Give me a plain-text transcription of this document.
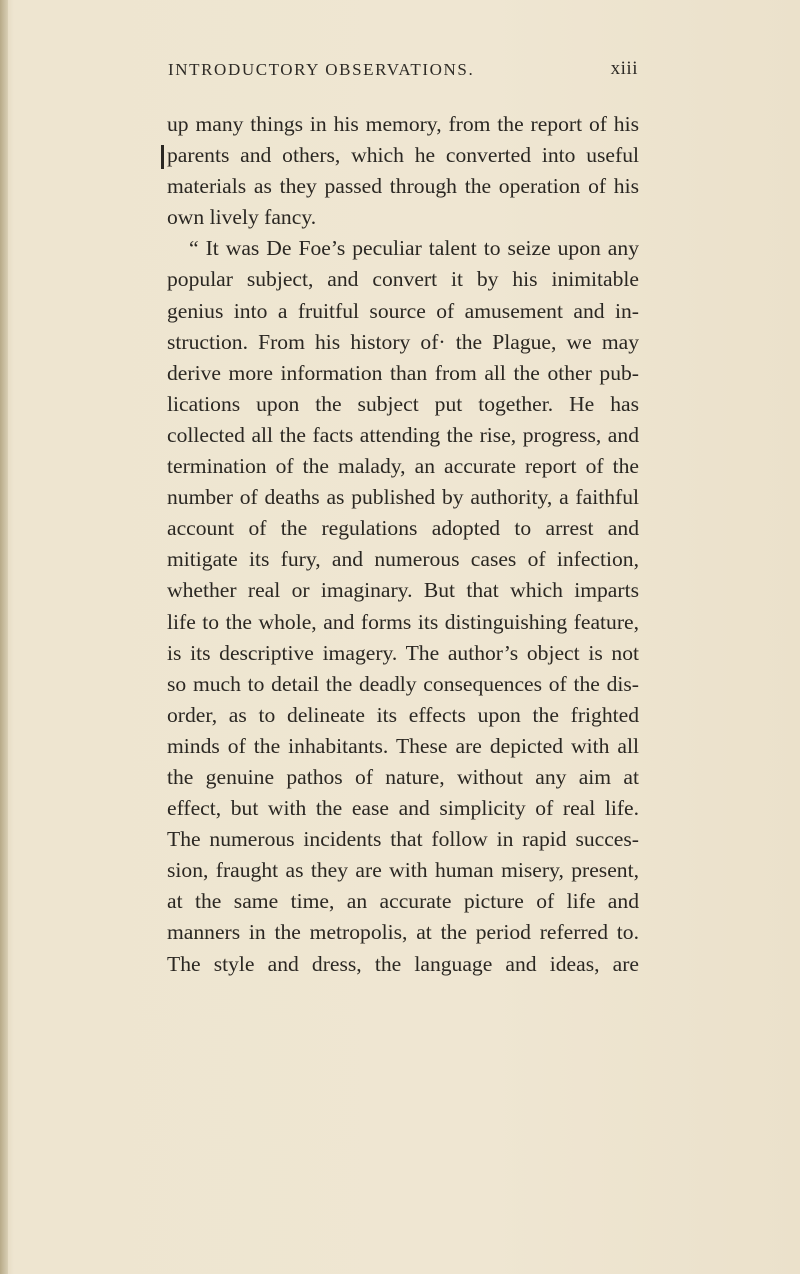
INTRODUCTORY OBSERVATIONS.	xiii
up many things in his memory, from the report of his
parents and others, which he converted into useful
materials as they passed through the operation of his
own lively fancy.
“ It was De Foe’s peculiar talent to seize upon any
popular subject, and convert it by his inimitable
genius into a fruitful source of amusement and in-
struction. From his history of· the Plague, we may
derive more information than from all the other pub-
lications upon the subject put together. He has
collected all the facts attending the rise, progress, and
termination of the malady, an accurate report of the
number of deaths as published by authority, a faithful
account of the regulations adopted to arrest and
mitigate its fury, and numerous cases of infection,
whether real or imaginary. But that which imparts
life to the whole, and forms its distinguishing feature,
is its descriptive imagery. The author’s object is not
so much to detail the deadly consequences of the dis-
order, as to delineate its effects upon the frighted
minds of the inhabitants. These are depicted with all
the genuine pathos of nature, without any aim at
effect, but with the ease and simplicity of real life.
The numerous incidents that follow in rapid succes-
sion, fraught as they are with human misery, present,
at the same time, an accurate picture of life and
manners in the metropolis, at the period referred to.
The style and dress, the language and ideas, are
